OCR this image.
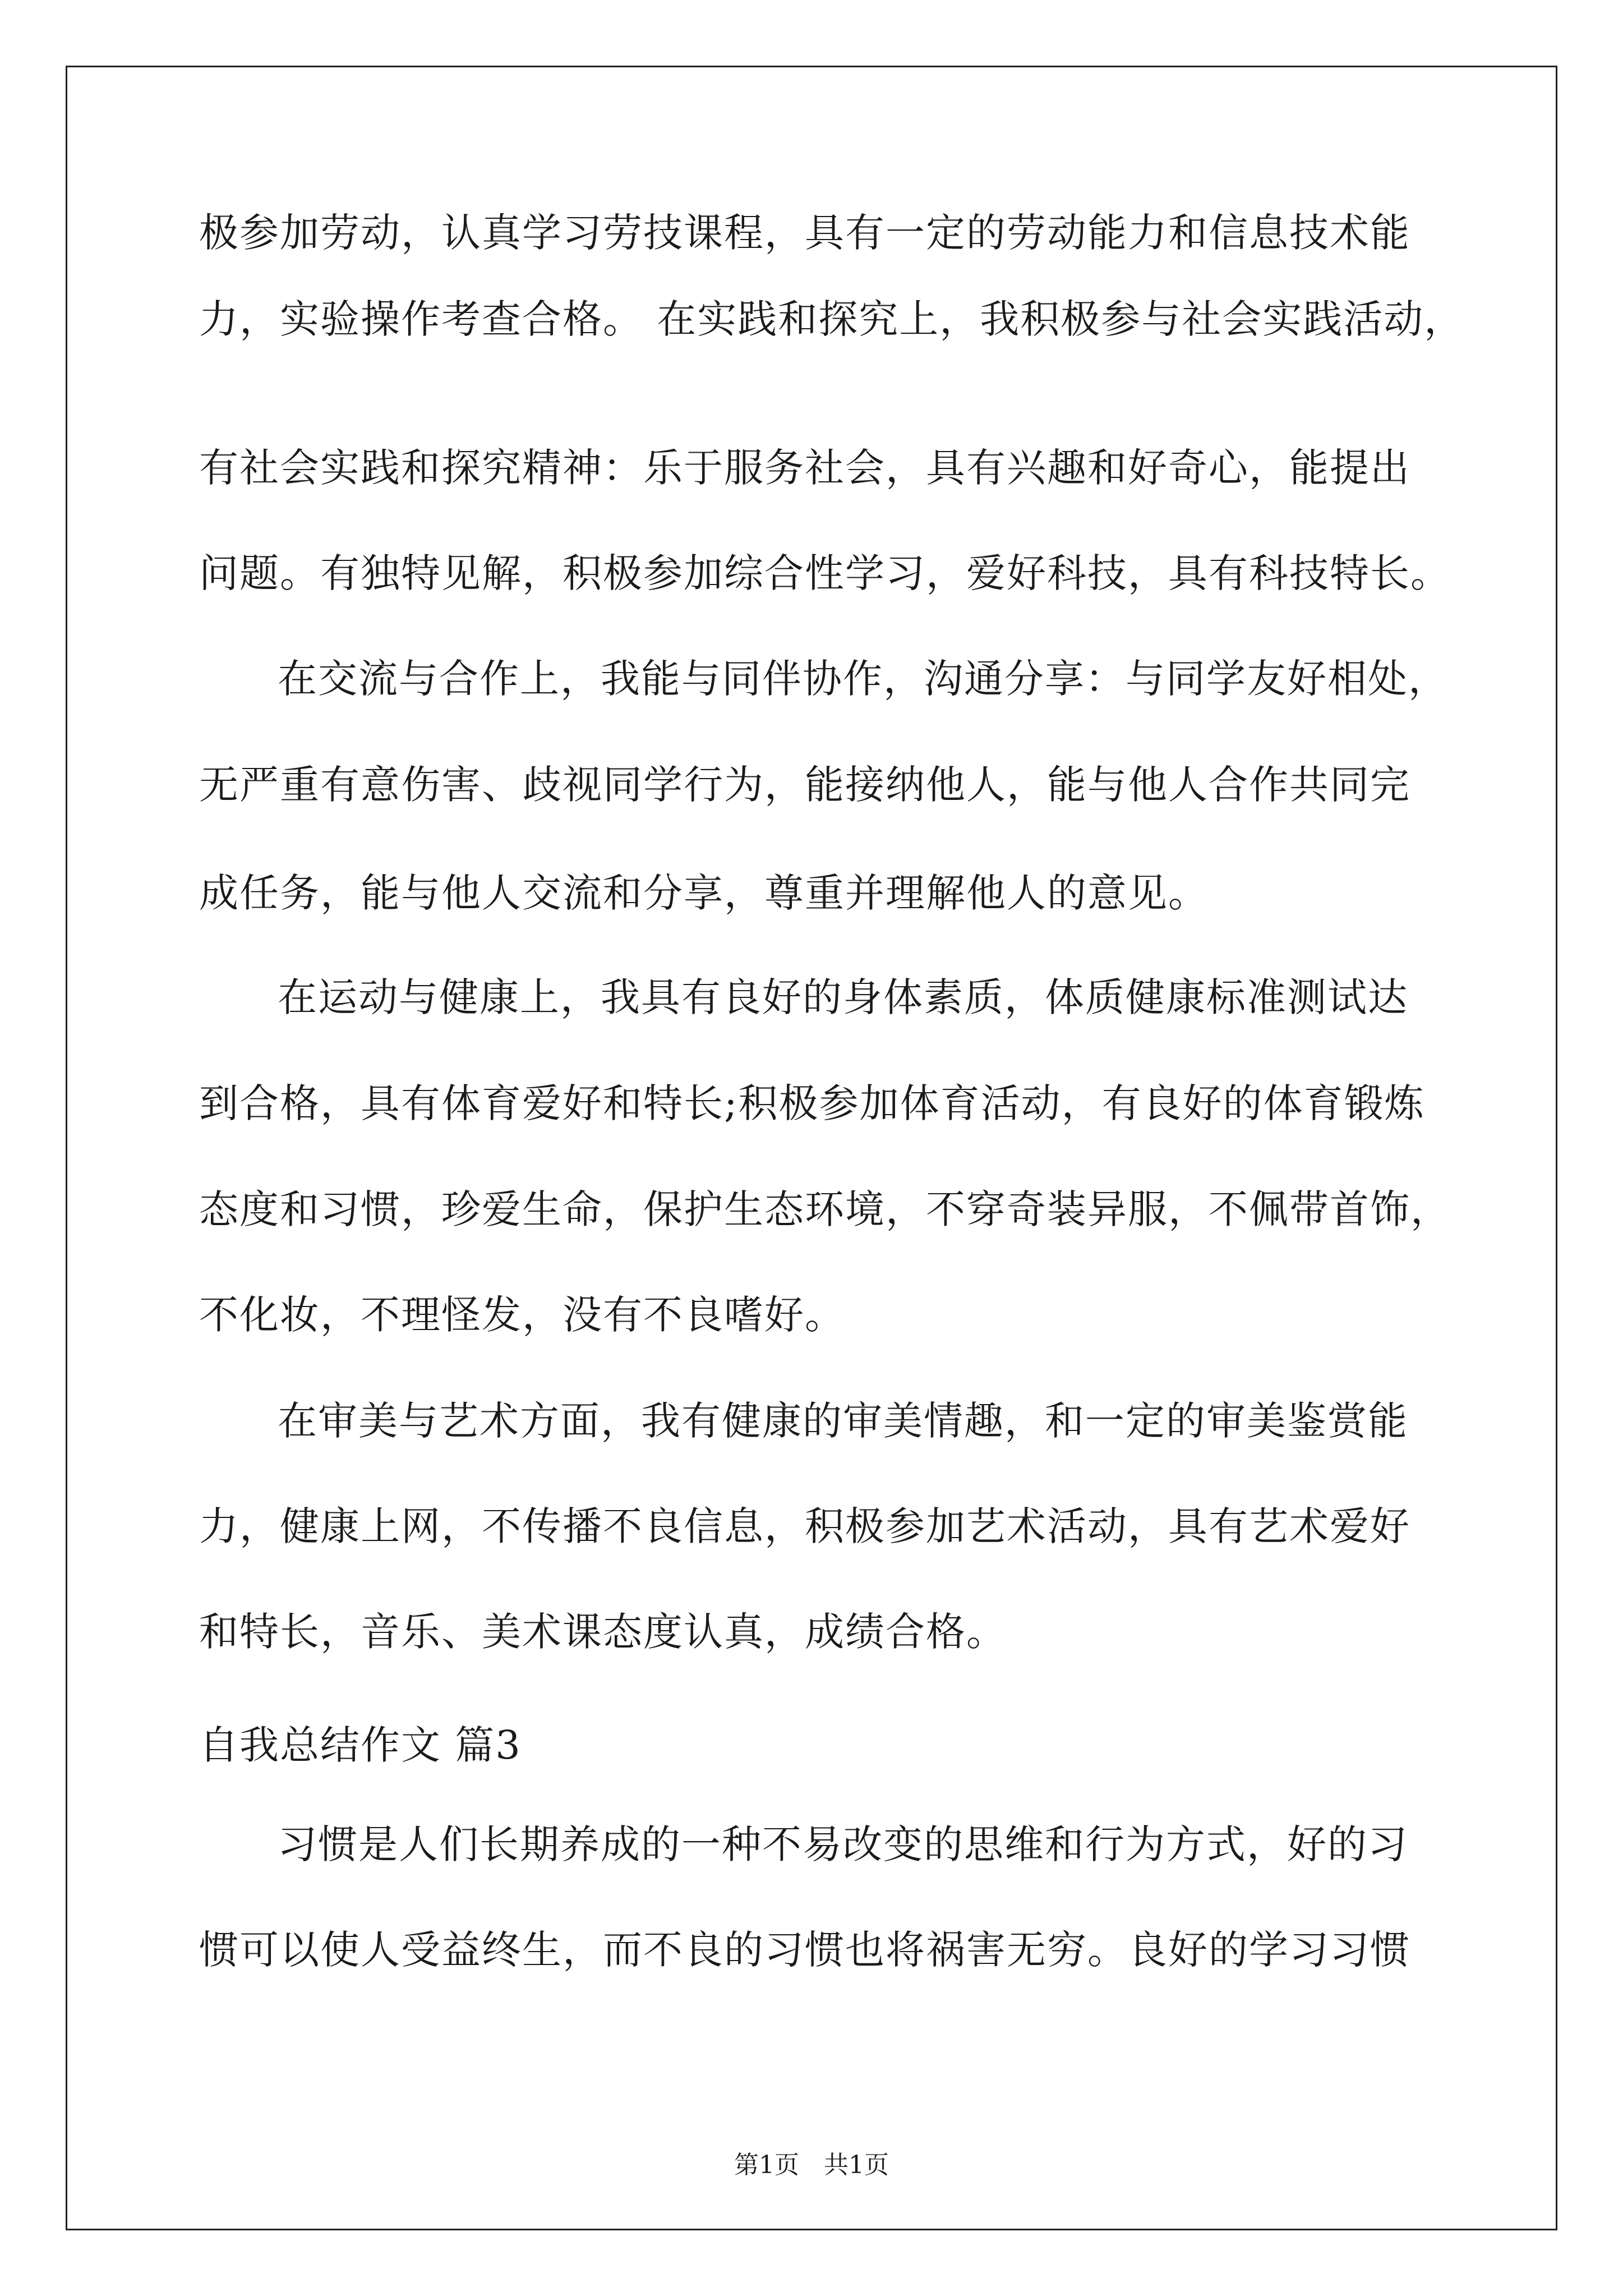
极参加劳动，认真学习劳技课程，具有一定的劳动能力和信息技术能
力，实验操作考查合格。 在实践和探究上，我积极参与社会实践活动，
有社会实践和探究精神：乐于服务社会，具有兴趣和好奇心，能提出
问题。有独特见解，积极参加综合性学习，爱好科技，具有科技特长。
在交流与合作上，我能与同伴协作，沟通分享：与同学友好相处，
无严重有意伤害、歧视同学行为，能接纳他人，能与他人合作共同完
成任务，能与他人交流和分享，尊重并理解他人的意见。
在运动与健康上，我具有良好的身体素质，体质健康标准测试达
到合格，具有体育爱好和特长;积极参加体育活动，有良好的体育锻炼
态度和习惯，珍爱生命，保护生态环境，不穿奇装异服，不佩带首饰，
不化妆，不理怪发，没有不良嗜好。
在审美与艺术方面，我有健康的审美情趣，和一定的审美鉴赏能
力，健康上网，不传播不良信息，积极参加艺术活动，具有艺术爱好
和特长，音乐、美术课态度认真，成绩合格。
自我总结作文 篇3
习惯是人们长期养成的一种不易改变的思维和行为方式，好的习
惯可以使人受益终生，而不良的习惯也将祸害无穷。良好的学习习惯
第1页　共1页
